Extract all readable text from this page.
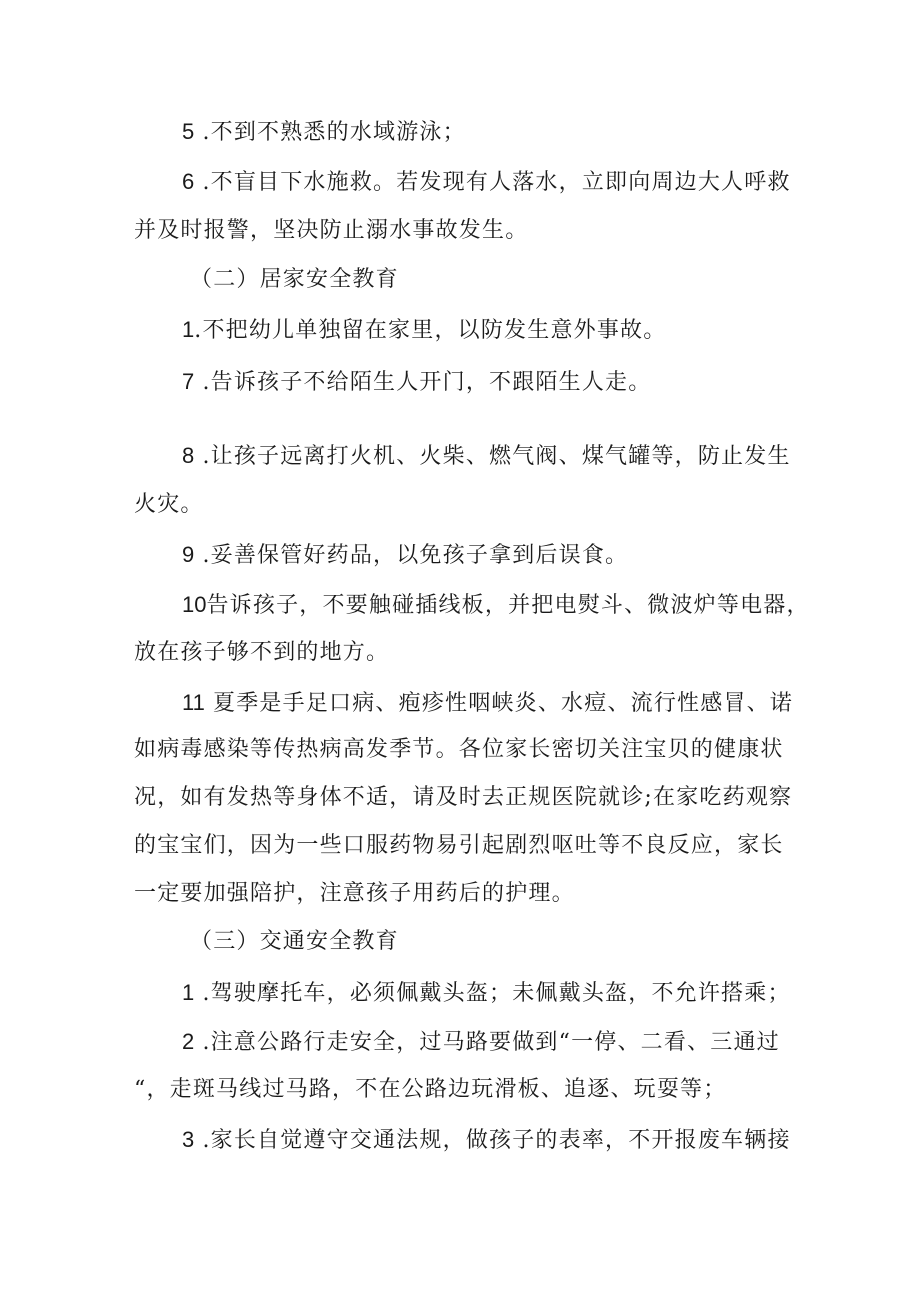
5 .不到不熟悉的水域游泳；
6 .不盲目下水施救。若发现有人落水，立即向周边大人呼救
并及时报警，坚决防止溺水事故发生。
（二）居家安全教育
1.不把幼儿单独留在家里，以防发生意外事故。
7 .告诉孩子不给陌生人开门，不跟陌生人走。
8 .让孩子远离打火机、火柴、燃气阀、煤气罐等，防止发生
火灾。
9 .妥善保管好药品，以免孩子拿到后误食。
10告诉孩子，不要触碰插线板，并把电熨斗、微波炉等电器，
放在孩子够不到的地方。
11 夏季是手足口病、疱疹性咽峡炎、水痘、流行性感冒、诺
如病毒感染等传热病高发季节。各位家长密切关注宝贝的健康状
况，如有发热等身体不适，请及时去正规医院就诊;在家吃药观察
的宝宝们，因为一些口服药物易引起剧烈呕吐等不良反应，家长
一定要加强陪护，注意孩子用药后的护理。
（三）交通安全教育
1 .驾驶摩托车，必须佩戴头盔；未佩戴头盔，不允许搭乘；
2 .注意公路行走安全，过马路要做到“一停、二看、三通过
“，走斑马线过马路，不在公路边玩滑板、追逐、玩耍等；
3 .家长自觉遵守交通法规，做孩子的表率，不开报废车辆接
